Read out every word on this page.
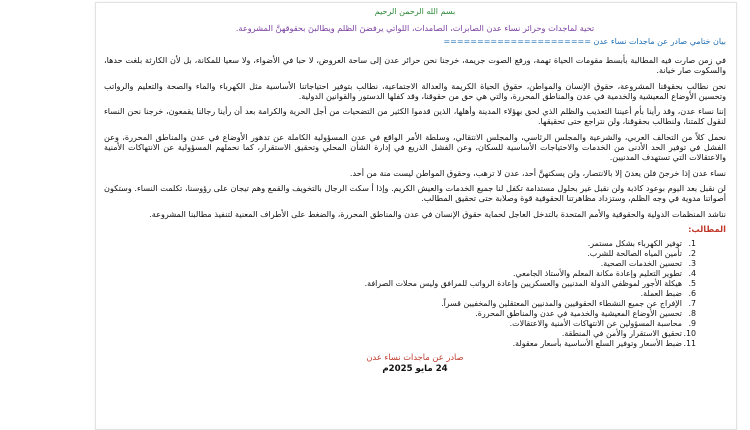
بسم الله الرحمن الرحيم
تحية لماجدات وحرائر نساء عدن الصابرات، الصامدات، اللواتي يرفضنَ الظلم ويطالبنَ بحقوقهنَّ المشروعة.
بيان ختامي صادر عن ماجدات نساء عدن ======================
في زمن صارت فيه المطالبة بأبسط مقومات الحياة تهمة، ورفع الصوت جريمة، خرجنا نحن حرائر عدن إلى ساحة العروض، لا حبا في الأضواء، ولا سعيا للمكانة، بل لأن الكارثة بلغت حدها، والسكوت صار خيانة.
نحن نطالب بحقوقنا المشروعة، حقوق الإنسان والمواطن، حقوق الحياة الكريمة والعدالة الاجتماعية، نطالب بتوفير احتياجاتنا الأساسية مثل الكهرباء والماء والصحة والتعليم والرواتب وتحسين الأوضاع المعيشية والخدمية في عدن والمناطق المحررة، والتي هي حق من حقوقنا، وقد كفلها الدستور والقوانين الدولية.
إننا نساء عدن، وقد رأينا بأم أعيننا التعذيب والظلم الذي لحق بهؤلاء المدينة وأهلها، الذين قدموا الكثير من التضحيات من أجل الحرية والكرامة بعد أن رأينا رجالنا يقمعون، خرجنا نحن النساء لنقول كلمتنا، ولنطالب بحقوقنا، ولن نتراجع حتى تحقيقها.
نحمل كلاً من التحالف العربي، والشرعية والمجلس الرئاسي، والمجلس الانتقالي، وسلطة الأمر الواقع في عدن المسؤولية الكاملة عن تدهور الأوضاع في عدن والمناطق المحررة، وعن الفشل في توفير الحد الأدنى من الخدمات والاحتياجات الأساسية للسكان، وعن الفشل الذريع في إدارة الشأن المحلي وتحقيق الاستقرار، كما نحملهم المسؤولية عن الانتهاكات الأمنية والاعتقالات التي تستهدف المدنيين.
نساء عدن إذا خرجنَ فلن يعدنَ إلا بالانتصار، ولن يسكتهنَّ أحد، عدن لا ترهب، وحقوق المواطن ليست منة من أحد.
لن نقبل بعد اليوم بوعود كاذبة ولن نقبل غير بحلول مستدامة تكفل لنا جميع الخدمات والعيش الكريم. وإذا أ سكت الرجال بالتخويف والقمع وهم تيجان على رؤوسنا، تكلمت النساء. وستكون أصواتنا مدوية في وجه الظلم، وستزداد مظاهرتنا الحقوقية قوة وصلابة حتى تحقيق المطالب.
نناشد المنظمات الدولية والحقوقية والأمم المتحدة بالتدخل العاجل لحماية حقوق الإنسان في عدن والمناطق المحررة، والضغط على الأطراف المعنية لتنفيذ مطالبنا المشروعة.
المطالب:
1.
توفير الكهرباء بشكل مستمر.
2.
تأمين المياه الصالحة للشرب.
3.
تحسين الخدمات الصحية.
4.
تطوير التعليم وإعادة مكانة المعلم والأستاذ الجامعي.
5.
هيكلة الأجور لموظفي الدولة المدنيين والعسكريين وإعادة الرواتب للمرافق وليس محلات الصرافة.
6.
ضبط العملة.
7.
الإفراج عن جميع النشطاء الحقوقيين والمدنيين المعتقلين والمخفيين قسراً.
8.
تحسين الأوضاع المعيشية والخدمية في عدن والمناطق المحررة.
9.
محاسبة المسؤولين عن الانتهاكات الأمنية والاعتقالات.
10.
تحقيق الاستقرار والأمن في المنطقة.
11.
ضبط الأسعار وتوفير السلع الأساسية بأسعار معقولة.
صادر عن ماجدات نساء عدن
24 مايو 2025م
